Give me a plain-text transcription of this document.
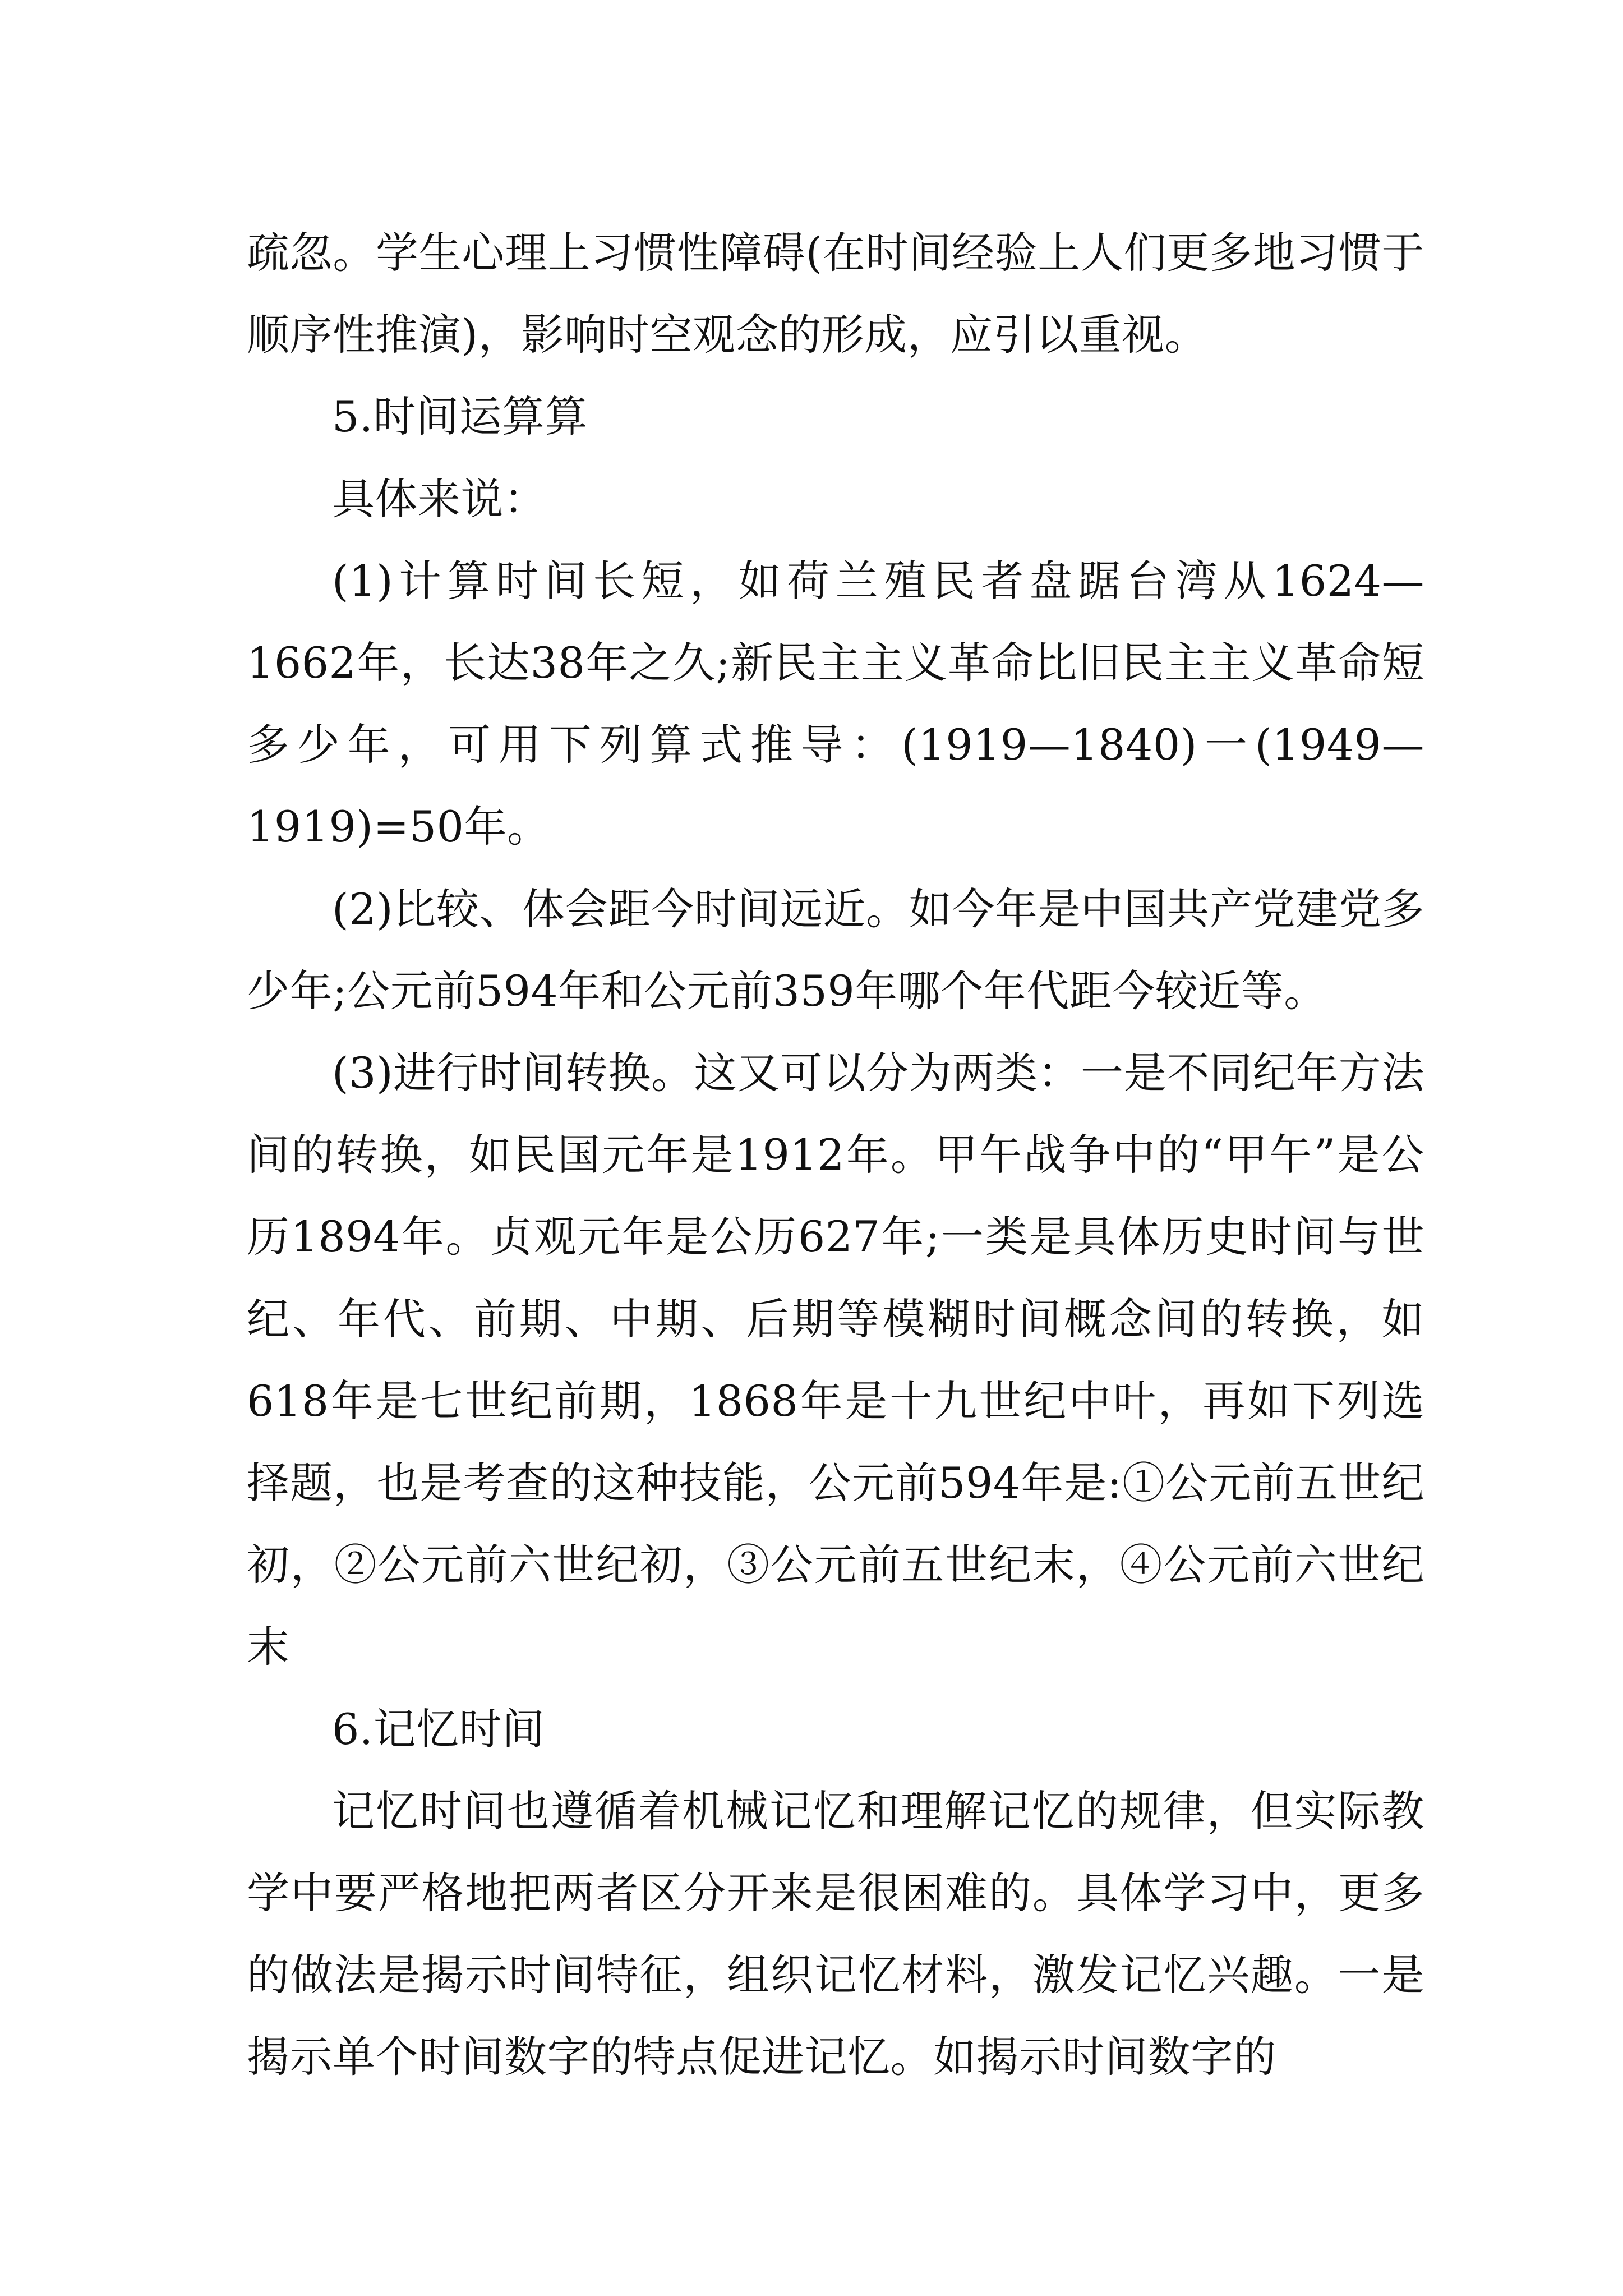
疏忽。学生心理上习惯性障碍(在时间经验上人们更多地习惯于顺序性推演)，影响时空观念的形成，应引以重视。

5.时间运算算

具体来说：

(1)计算时间长短，如荷兰殖民者盘踞台湾从1624—1662年，长达38年之久;新民主主义革命比旧民主主义革命短多少年，可用下列算式推导：(1919—1840)一(1949—1919)=50年。

(2)比较、体会距今时间远近。如今年是中国共产党建党多少年;公元前594年和公元前359年哪个年代距今较近等。

(3)进行时间转换。这又可以分为两类：一是不同纪年方法间的转换，如民国元年是1912年。甲午战争中的“甲午”是公历1894年。贞观元年是公历627年;一类是具体历史时间与世纪、年代、前期、中期、后期等模糊时间概念间的转换，如618年是七世纪前期，1868年是十九世纪中叶，再如下列选择题，也是考查的这种技能，公元前594年是:①公元前五世纪初，②公元前六世纪初，③公元前五世纪末，④公元前六世纪末

6.记忆时间

记忆时间也遵循着机械记忆和理解记忆的规律，但实际教学中要严格地把两者区分开来是很困难的。具体学习中，更多的做法是揭示时间特征，组织记忆材料，激发记忆兴趣。一是揭示单个时间数字的特点促进记忆。如揭示时间数字的
